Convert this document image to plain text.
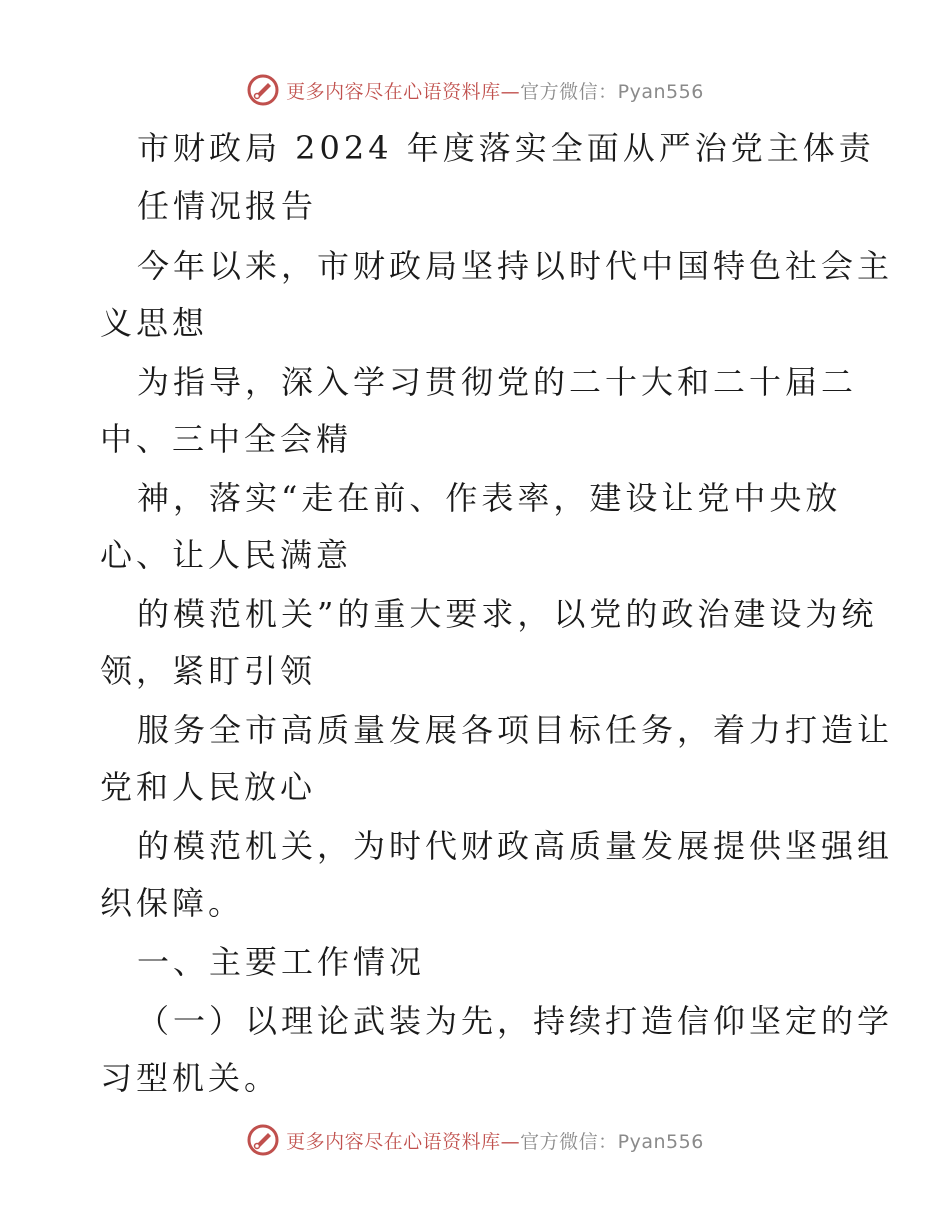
更多内容尽在心语资料库—官方微信：Pyan556
市财政局 2024 年度落实全面从严治党主体责
任情况报告
今年以来，市财政局坚持以时代中国特色社会主
义思想
为指导，深入学习贯彻党的二十大和二十届二
中、三中全会精
神，落实“走在前、作表率，建设让党中央放
心、让人民满意
的模范机关”的重大要求，以党的政治建设为统
领，紧盯引领
服务全市高质量发展各项目标任务，着力打造让
党和人民放心
的模范机关，为时代财政高质量发展提供坚强组
织保障。
一、主要工作情况
（一）以理论武装为先，持续打造信仰坚定的学
习型机关。
更多内容尽在心语资料库—官方微信：Pyan556
